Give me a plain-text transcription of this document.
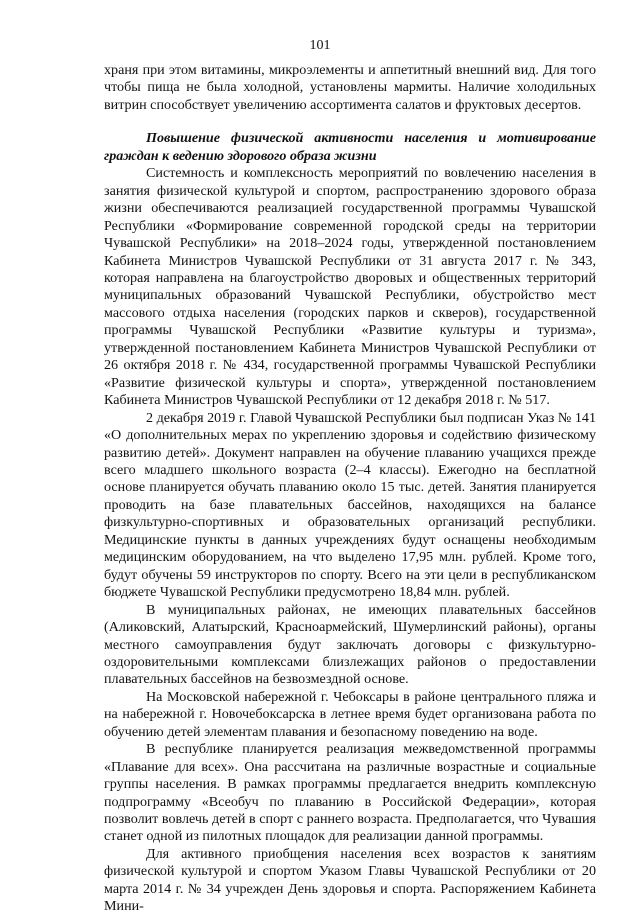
101

храня при этом витамины, микроэлементы и аппетитный внешний вид. Для того чтобы пища не была холодной, установлены мармиты. Наличие холодильных витрин способствует увеличению ассортимента салатов и фруктовых десертов.

Повышение физической активности населения и мотивирование граждан к ведению здорового образа жизни

Системность и комплексность мероприятий по вовлечению населения в занятия физической культурой и спортом, распространению здорового образа жизни обеспечиваются реализацией государственной программы Чувашской Республики «Формирование современной городской среды на территории Чувашской Республики» на 2018–2024 годы, утвержденной постановлением Кабинета Министров Чувашской Республики от 31 августа 2017 г. № 343, которая направлена на благоустройство дворовых и общественных территорий муниципальных образований Чувашской Республики, обустройство мест массового отдыха населения (городских парков и скверов), государственной программы Чувашской Республики «Развитие культуры и туризма», утвержденной постановлением Кабинета Министров Чувашской Республики от 26 октября 2018 г. № 434, государственной программы Чувашской Республики «Развитие физической культуры и спорта», утвержденной постановлением Кабинета Министров Чувашской Республики от 12 декабря 2018 г. № 517.

2 декабря 2019 г. Главой Чувашской Республики был подписан Указ № 141 «О дополнительных мерах по укреплению здоровья и содействию физическому развитию детей». Документ направлен на обучение плаванию учащихся прежде всего младшего школьного возраста (2–4 классы). Ежегодно на бесплатной основе планируется обучать плаванию около 15 тыс. детей. Занятия планируется проводить на базе плавательных бассейнов, находящихся на балансе физкультурно-спортивных и образовательных организаций республики. Медицинские пункты в данных учреждениях будут оснащены необходимым медицинским оборудованием, на что выделено 17,95 млн. рублей. Кроме того, будут обучены 59 инструкторов по спорту. Всего на эти цели в республиканском бюджете Чувашской Республики предусмотрено 18,84 млн. рублей.

В муниципальных районах, не имеющих плавательных бассейнов (Аликовский, Алатырский, Красноармейский, Шумерлинский районы), органы местного самоуправления будут заключать договоры с физкультурно-оздоровительными комплексами близлежащих районов о предоставлении плавательных бассейнов на безвозмездной основе.

На Московской набережной г. Чебоксары в районе центрального пляжа и на набережной г. Новочебоксарска в летнее время будет организована работа по обучению детей элементам плавания и безопасному поведению на воде.

В республике планируется реализация межведомственной программы «Плавание для всех». Она рассчитана на различные возрастные и социальные группы населения. В рамках программы предлагается внедрить комплексную подпрограмму «Всеобуч по плаванию в Российской Федерации», которая позволит вовлечь детей в спорт с раннего возраста. Предполагается, что Чувашия станет одной из пилотных площадок для реализации данной программы.

Для активного приобщения населения всех возрастов к занятиям физической культурой и спортом Указом Главы Чувашской Республики от 20 марта 2014 г. № 34 учрежден День здоровья и спорта. Распоряжением Кабинета Мини-
